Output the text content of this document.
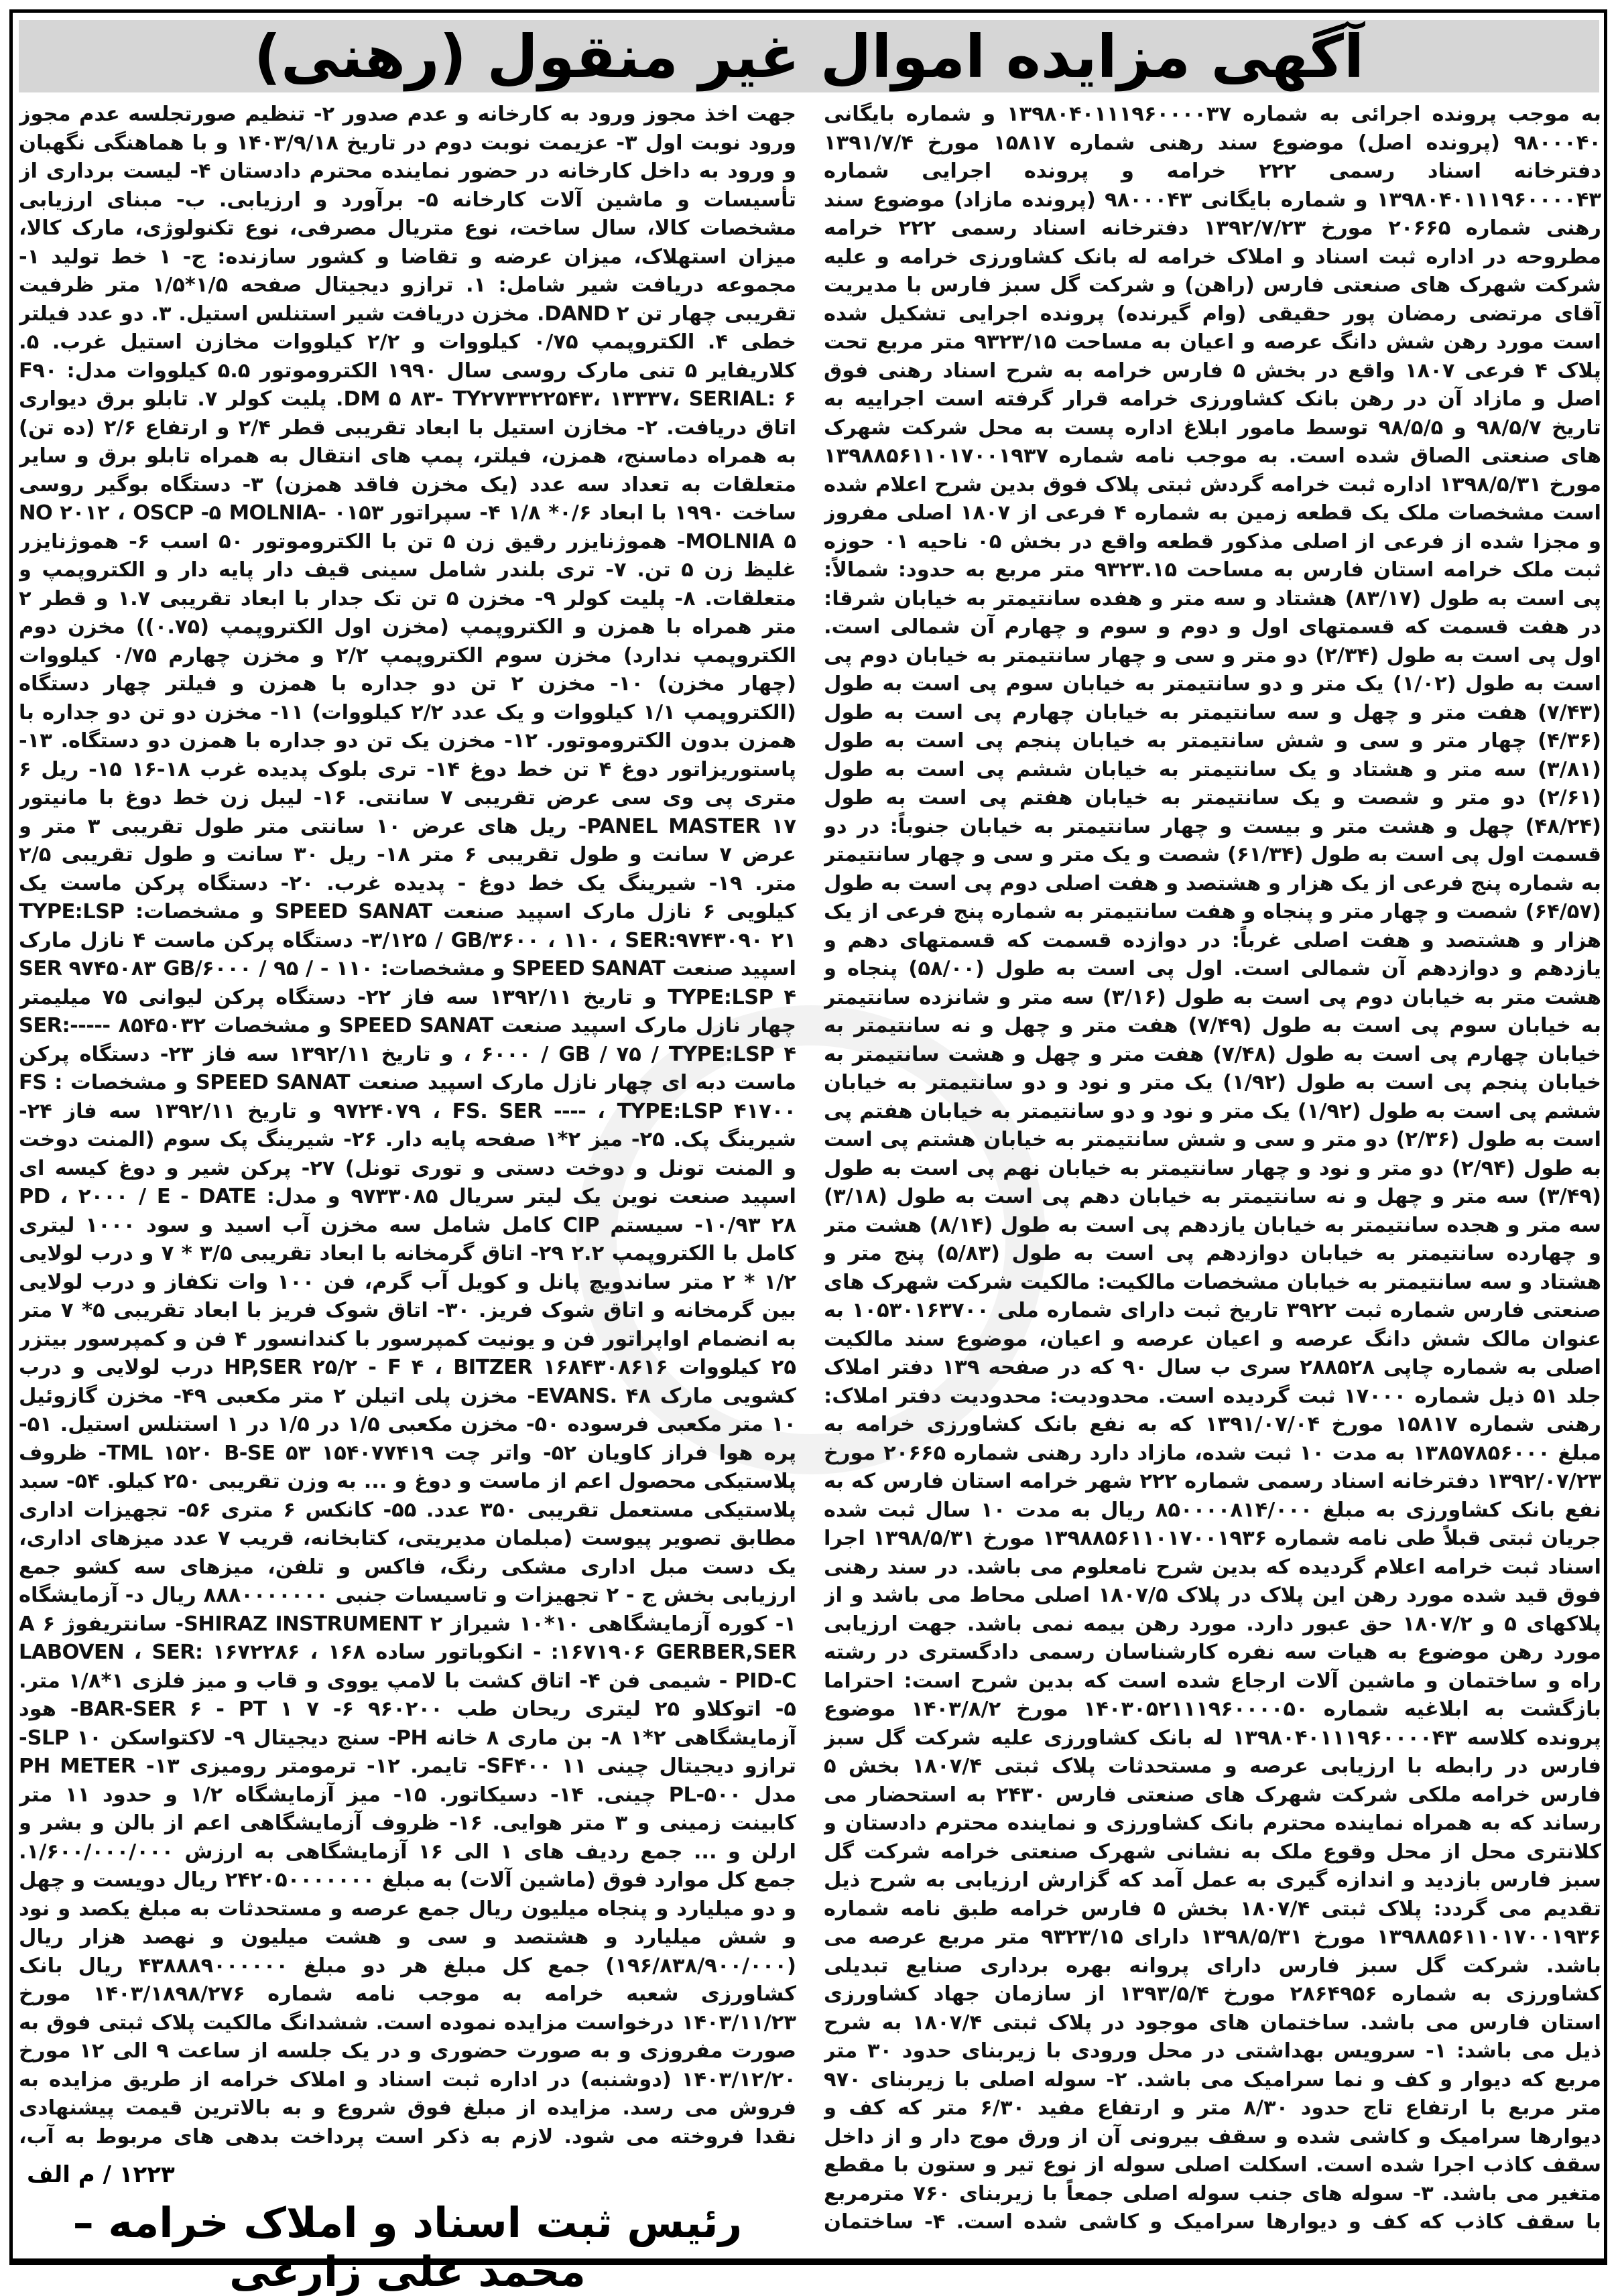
آگهی مزایده اموال غیر منقول (رهنی)
به موجب پرونده اجرائی به شماره ۱۳۹۸۰۴۰۱۱۱۹۶۰۰۰۰۳۷ و شماره بایگانی ۹۸۰۰۰۴۰ (پرونده اصل) موضوع سند رهنی شماره ۱۵۸۱۷ مورخ ۱۳۹۱/۷/۴ دفترخانه اسناد رسمی ۲۲۲ خرامه و پرونده اجرایی شماره ۱۳۹۸۰۴۰۱۱۱۹۶۰۰۰۰۴۳ و شماره بایگانی ۹۸۰۰۰۴۳ (پرونده مازاد) موضوع سند رهنی شماره ۲۰۶۶۵ مورخ ۱۳۹۲/۷/۲۳ دفترخانه اسناد رسمی ۲۲۲ خرامه مطروحه در اداره ثبت اسناد و املاک خرامه له بانک کشاورزی خرامه و علیه شرکت شهرک های صنعتی فارس (راهن) و شرکت گل سبز فارس با مدیریت آقای مرتضی رمضان پور حقیقی (وام گیرنده) پرونده اجرایی تشکیل شده است مورد رهن شش دانگ عرصه و اعیان به مساحت ۹۳۲۳/۱۵ متر مربع تحت پلاک ۴ فرعی ۱۸۰۷ واقع در بخش ۵ فارس خرامه به شرح اسناد رهنی فوق اصل و مازاد آن در رهن بانک کشاورزی خرامه قرار گرفته است اجراییه به تاریخ ۹۸/۵/۷ و ۹۸/۵/۵ توسط مامور ابلاغ اداره پست به محل شرکت شهرک های صنعتی الصاق شده است. به موجب نامه شماره ۱۳۹۸۸۵۶۱۱۰۱۷۰۰۱۹۳۷ مورخ ۱۳۹۸/۵/۳۱ اداره ثبت خرامه گردش ثبتی پلاک فوق بدین شرح اعلام شده است مشخصات ملک یک قطعه زمین به شماره ۴ فرعی از ۱۸۰۷ اصلی مفروز و مجزا شده از فرعی از اصلی مذکور قطعه واقع در بخش ۰۵ ناحیه ۰۱ حوزه ثبت ملک خرامه استان فارس به مساحت ۹۳۲۳.۱۵ متر مربع به حدود: شمالاً: پی است به طول (۸۳/۱۷) هشتاد و سه متر و هفده سانتیمتر به خیابان شرقا: در هفت قسمت که قسمتهای اول و دوم و سوم و چهارم آن شمالی است. اول پی است به طول (۲/۳۴) دو متر و سی و چهار سانتیمتر به خیابان دوم پی است به طول (۱/۰۲) یک متر و دو سانتیمتر به خیابان سوم پی است به طول (۷/۴۳) هفت متر و چهل و سه سانتیمتر به خیابان چهارم پی است به طول (۴/۳۶) چهار متر و سی و شش سانتیمتر به خیابان پنجم پی است به طول (۳/۸۱) سه متر و هشتاد و یک سانتیمتر به خیابان ششم پی است به طول (۲/۶۱) دو متر و شصت و یک سانتیمتر به خیابان هفتم پی است به طول (۴۸/۲۴) چهل و هشت متر و بیست و چهار سانتیمتر به خیابان جنوباً: در دو قسمت اول پی است به طول (۶۱/۳۴) شصت و یک متر و سی و چهار سانتیمتر به شماره پنج فرعی از یک هزار و هشتصد و هفت اصلی دوم پی است به طول (۶۴/۵۷) شصت و چهار متر و پنجاه و هفت سانتیمتر به شماره پنج فرعی از یک هزار و هشتصد و هفت اصلی غرباً: در دوازده قسمت که قسمتهای دهم و یازدهم و دوازدهم آن شمالی است. اول پی است به طول (۵۸/۰۰) پنجاه و هشت متر به خیابان دوم پی است به طول (۳/۱۶) سه متر و شانزده سانتیمتر به خیابان سوم پی است به طول (۷/۴۹) هفت متر و چهل و نه سانتیمتر به خیابان چهارم پی است به طول (۷/۴۸) هفت متر و چهل و هشت سانتیمتر به خیابان پنجم پی است به طول (۱/۹۲) یک متر و نود و دو سانتیمتر به خیابان ششم پی است به طول (۱/۹۲) یک متر و نود و دو سانتیمتر به خیابان هفتم پی است به طول (۲/۳۶) دو متر و سی و شش سانتیمتر به خیابان هشتم پی است به طول (۲/۹۴) دو متر و نود و چهار سانتیمتر به خیابان نهم پی است به طول (۳/۴۹) سه متر و چهل و نه سانتیمتر به خیابان دهم پی است به طول (۳/۱۸) سه متر و هجده سانتیمتر به خیابان یازدهم پی است به طول (۸/۱۴) هشت متر و چهارده سانتیمتر به خیابان دوازدهم پی است به طول (۵/۸۳) پنج متر و هشتاد و سه سانتیمتر به خیابان مشخصات مالکیت: مالکیت شرکت شهرک های صنعتی فارس شماره ثبت ۳۹۲۲ تاریخ ثبت دارای شماره ملی ۱۰۵۳۰۱۶۳۷۰۰ به عنوان مالک شش دانگ عرصه و اعیان عرصه و اعیان، موضوع سند مالکیت اصلی به شماره چاپی ۲۸۸۵۲۸ سری ب سال ۹۰ که در صفحه ۱۳۹ دفتر املاک جلد ۵۱ ذیل شماره ۱۷۰۰۰ ثبت گردیده است. محدودیت: محدودیت دفتر املاک: رهنی شماره ۱۵۸۱۷ مورخ ۱۳۹۱/۰۷/۰۴ که به نفع بانک کشاورزی خرامه به مبلغ ۱۳۸۵۷۸۵۶۰۰۰ به مدت ۱۰ ثبت شده، مازاد دارد رهنی شماره ۲۰۶۶۵ مورخ ۱۳۹۲/۰۷/۲۳ دفترخانه اسناد رسمی شماره ۲۲۲ شهر خرامه استان فارس که به نفع بانک کشاورزی به مبلغ ۸۵۰۰۰۰۸۱۴/۰۰۰ ریال به مدت ۱۰ سال ثبت شده جریان ثبتی قبلاً طی نامه شماره ۱۳۹۸۸۵۶۱۱۰۱۷۰۰۱۹۳۶ مورخ ۱۳۹۸/۵/۳۱ اجرا اسناد ثبت خرامه اعلام گردیده که بدین شرح نامعلوم می باشد. در سند رهنی فوق قید شده مورد رهن این پلاک در پلاک ۱۸۰۷/۵ اصلی محاط می باشد و از پلاکهای ۵ و ۱۸۰۷/۲ حق عبور دارد. مورد رهن بیمه نمی باشد. جهت ارزیابی مورد رهن موضوع به هیات سه نفره کارشناسان رسمی دادگستری در رشته راه و ساختمان و ماشین آلات ارجاع شده است که بدین شرح است: احتراما بازگشت به ابلاغیه شماره ۱۴۰۳۰۵۲۱۱۱۹۶۰۰۰۰۵۰ مورخ ۱۴۰۳/۸/۲ موضوع پرونده کلاسه ۱۳۹۸۰۴۰۱۱۱۹۶۰۰۰۰۴۳ له بانک کشاورزی علیه شرکت گل سبز فارس در رابطه با ارزیابی عرصه و مستحدثات پلاک ثبتی ۱۸۰۷/۴ بخش ۵ فارس خرامه ملکی شرکت شهرک های صنعتی فارس ۲۴۳۰ به استحضار می رساند که به همراه نماینده محترم بانک کشاورزی و نماینده محترم دادستان و کلانتری محل از محل وقوع ملک به نشانی شهرک صنعتی خرامه شرکت گل سبز فارس بازدید و اندازه گیری به عمل آمد که گزارش ارزیابی به شرح ذیل تقدیم می گردد: پلاک ثبتی ۱۸۰۷/۴ بخش ۵ فارس خرامه طبق نامه شماره ۱۳۹۸۸۵۶۱۱۰۱۷۰۰۱۹۳۶ مورخ ۱۳۹۸/۵/۳۱ دارای ۹۳۲۳/۱۵ متر مربع عرصه می باشد. شرکت گل سبز فارس دارای پروانه بهره برداری صنایع تبدیلی کشاورزی به شماره ۲۸۶۴۹۵۶ مورخ ۱۳۹۳/۵/۴ از سازمان جهاد کشاورزی استان فارس می باشد. ساختمان های موجود در پلاک ثبتی ۱۸۰۷/۴ به شرح ذیل می باشد: ۱- سرویس بهداشتی در محل ورودی با زیربنای حدود ۳۰ متر مربع که دیوار و کف و نما سرامیک می باشد. ۲- سوله اصلی با زیربنای ۹۷۰ متر مربع با ارتفاع تاج حدود ۸/۳۰ متر و ارتفاع مفید ۶/۳۰ متر که کف و دیوارها سرامیک و کاشی شده و سقف بیرونی آن از ورق موج دار و از داخل سقف کاذب اجرا شده است. اسکلت اصلی سوله از نوع تیر و ستون با مقطع متغیر می باشد. ۳- سوله های جنب سوله اصلی جمعاً با زیربنای ۷۶۰ مترمربع با سقف کاذب که کف و دیوارها سرامیک و کاشی شده است. ۴- ساختمان
جهت اخذ مجوز ورود به کارخانه و عدم صدور ۲- تنظیم صورتجلسه عدم مجوز ورود نوبت اول ۳- عزیمت نوبت دوم در تاریخ ۱۴۰۳/۹/۱۸ و با هماهنگی نگهبان و ورود به داخل کارخانه در حضور نماینده محترم دادستان ۴- لیست برداری از تأسیسات و ماشین آلات کارخانه ۵- برآورد و ارزیابی. ب- مبنای ارزیابی مشخصات کالا، سال ساخت، نوع متریال مصرفی، نوع تکنولوژی، مارک کالا، میزان استهلاک، میزان عرضه و تقاضا و کشور سازنده: ج- ۱ خط تولید ۱- مجموعه دریافت شیر شامل: ۱. ترازو دیجیتال صفحه ۱/۵*۱/۵ متر ظرفیت تقریبی چهار تن DAND ۲. مخزن دریافت شیر استنلس استیل. ۳. دو عدد فیلتر خطی ۴. الکتروپمپ ۰/۷۵ کیلووات و ۲/۲ کیلووات مخازن استیل غرب. ۵. کلاریفایر ۵ تنی مارک روسی سال ۱۹۹۰ الکتروموتور ۵.۵ کیلووات مدل: F۹۰ DM ۵ ۸۳- TY۲۷۳۳۲۲۵۴۳، ۱۳۳۳۷، SERIAL: ۶. پلیت کولر ۷. تابلو برق دیواری اتاق دریافت. ۲- مخازن استیل با ابعاد تقریبی قطر ۲/۴ و ارتفاع ۲/۶ (ده تن) به همراه دماسنج، همزن، فیلتر، پمپ های انتقال به همراه تابلو برق و سایر متعلقات به تعداد سه عدد (یک مخزن فاقد همزن) ۳- دستگاه بوگیر روسی ساخت ۱۹۹۰ با ابعاد ۰/۶* ۱/۸ ۴- سپراتور ۰۱۵۳ NO ۲۰۱۲ ، OSCP -۵ MOLNIA-MOLNIA ۵- هموژنایزر رقیق زن ۵ تن با الکتروموتور ۵۰ اسب ۶- هموژنایزر غلیظ زن ۵ تن. ۷- تری بلندر شامل سینی قیف دار پایه دار و الکتروپمپ و متعلقات. ۸- پلیت کولر ۹- مخزن ۵ تن تک جدار با ابعاد تقریبی ۱.۷ و قطر ۲ متر همراه با همزن و الکتروپمپ (مخزن اول الکتروپمپ (۰.۷۵)) مخزن دوم الکتروپمپ ندارد) مخزن سوم الکتروپمپ ۲/۲ و مخزن چهارم ۰/۷۵ کیلووات (چهار مخزن) ۱۰- مخزن ۲ تن دو جداره با همزن و فیلتر چهار دستگاه (الکتروپمپ ۱/۱ کیلووات و یک عدد ۲/۲ کیلووات) ۱۱- مخزن دو تن دو جداره با همزن بدون الکتروموتور. ۱۲- مخزن یک تن دو جداره با همزن دو دستگاه. ۱۳- پاستوریزاتور دوغ ۴ تن خط دوغ ۱۴- تری بلوک پدیده غرب ۱۸-۱۶ ۱۵- ریل ۶ متری پی وی سی عرض تقریبی ۷ سانتی. ۱۶- لیبل زن خط دوغ با مانیتور PANEL MASTER ۱۷- ریل های عرض ۱۰ سانتی متر طول تقریبی ۳ متر و عرض ۷ سانت و طول تقریبی ۶ متر ۱۸- ریل ۳۰ سانت و طول تقریبی ۲/۵ متر. ۱۹- شیرینگ یک خط دوغ - پدیده غرب. ۲۰- دستگاه پرکن ماست یک کیلویی ۶ نازل مارک اسپید صنعت SPEED SANAT و مشخصات: TYPE:LSP ۳/۱۲۵ / GB/۳۶۰۰ ، ۱۱۰ ، SER:۹۷۴۳۰۹۰ ۲۱- دستگاه پرکن ماست ۴ نازل مارک اسپید صنعت SPEED SANAT و مشخصات: ۱۱۰ - SER ۹۷۴۵۰۸۳ GB/۶۰۰۰ / ۹۵ / TYPE:LSP ۴ و تاریخ ۱۳۹۲/۱۱ سه فاز ۲۲- دستگاه پرکن لیوانی ۷۵ میلیمتر چهار نازل مارک اسپید صنعت SPEED SANAT و مشخصات ۸۵۴۵۰۳۲ SER:----- ، ۶۰۰۰ / GB / ۷۵ / TYPE:LSP ۴ و تاریخ ۱۳۹۲/۱۱ سه فاز ۲۳- دستگاه پرکن ماست دبه ای چهار نازل مارک اسپید صنعت SPEED SANAT و مشخصات FS : ۹۷۲۴۰۷۹ ، FS. SER ---- ، TYPE:LSP ۴۱۷۰۰ و تاریخ ۱۳۹۲/۱۱ سه فاز ۲۴- شیرینگ پک. ۲۵- میز ۲*۱ صفحه پایه دار. ۲۶- شیرینگ پک سوم (المنت دوخت و المنت تونل و دوخت دستی و توری تونل) ۲۷- پرکن شیر و دوغ کیسه ای اسپید صنعت نوین یک لیتر سریال ۹۷۳۳۰۸۵ و مدل: PD ، ۲۰۰۰ / E - DATE ۱۰/۹۳ ۲۸- سیستم CIP کامل شامل سه مخزن آب اسید و سود ۱۰۰۰ لیتری کامل با الکتروپمپ ۲.۲ ۲۹- اتاق گرمخانه با ابعاد تقریبی ۳/۵ * ۷ و درب لولایی ۱/۲ * ۲ متر ساندویچ پانل و کویل آب گرم، فن ۱۰۰ وات تکفاز و درب لولایی بین گرمخانه و اتاق شوک فریز. ۳۰- اتاق شوک فریز با ابعاد تقریبی ۵* ۷ متر به انضمام اواپراتور فن و یونیت کمپرسور با کندانسور ۴ فن و کمپرسور بیتزر ۲۵ کیلووات ۱۶۸۴۳۰۸۶۱۶ HP,SER ۲۵/۲ - F ۴ ، BITZER درب لولایی و درب کشویی مارک EVANS. ۴۸- مخزن پلی اتیلن ۲ متر مکعبی ۴۹- مخزن گازوئیل ۱۰ متر مکعبی فرسوده ۵۰- مخزن مکعبی ۱/۵ در ۱/۵ در ۱ استنلس استیل. ۵۱- پره هوا فراز کاویان ۵۲- واتر چت ۱۵۴۰۷۷۴۱۹ TML ۱۵۲۰ B-SE ۵۳- ظروف پلاستیکی محصول اعم از ماست و دوغ و ... به وزن تقریبی ۲۵۰ کیلو. ۵۴- سبد پلاستیکی مستعمل تقریبی ۳۵۰ عدد. ۵۵- کانکس ۶ متری ۵۶- تجهیزات اداری مطابق تصویر پیوست (مبلمان مدیریتی، کتابخانه، قریب ۷ عدد میزهای اداری، یک دست مبل اداری مشکی رنگ، فاکس و تلفن، میزهای سه کشو جمع ارزیابی بخش ج - ۲ تجهیزات و تاسیسات جنبی ۸۸۸۰۰۰۰۰۰۰ ریال د- آزمایشگاه ۱- کوره آزمایشگاهی ۱۰*۱۰ شیراز SHIRAZ INSTRUMENT ۲- سانتریفوژ ۶ A ۱۶۷۱۹۰۶ GERBER,SER: - انکوباتور ساده LABOVEN ، SER: ۱۶۷۲۲۸۶ ، ۱۶۸ PID-C - شیمی فن ۴- اتاق کشت با لامپ یووی و قاب و میز فلزی ۱*۱/۸ متر. ۵- اتوکلاو ۲۵ لیتری ریحان طب ۹۶۰۲۰۰ ۶- BAR-SER ۶ - PT ۱ ۷- هود آزمایشگاهی ۲*۱ ۸- بن ماری ۸ خانه PH- سنج دیجیتال ۹- لاکتواسکن SLP ۱۰- ترازو دیجیتال چینی SF۴۰۰ ۱۱- تایمر. ۱۲- ترمومتر رومیزی ۱۳- PH METER مدل PL-۵۰۰ چینی. ۱۴- دسیکاتور. ۱۵- میز آزمایشگاه ۱/۲ و حدود ۱۱ متر کابینت زمینی و ۳ متر هوایی. ۱۶- ظروف آزمایشگاهی اعم از بالن و بشر و ارلن و ... جمع ردیف های ۱ الی ۱۶ آزمایشگاهی به ارزش ۱/۶۰۰/۰۰۰/۰۰۰. جمع کل موارد فوق (ماشین آلات) به مبلغ ۲۴۲۰۵۰۰۰۰۰۰۰ ریال دویست و چهل و دو میلیارد و پنجاه میلیون ریال جمع عرصه و مستحدثات به مبلغ یکصد و نود و شش میلیارد و هشتصد و سی و هشت میلیون و نهصد هزار ریال (۱۹۶/۸۳۸/۹۰۰/۰۰۰) جمع کل مبلغ هر دو مبلغ ۴۳۸۸۸۹۰۰۰۰۰۰ ریال بانک کشاورزی شعبه خرامه به موجب نامه شماره ۱۴۰۳/۱۸۹۸/۲۷۶ مورخ ۱۴۰۳/۱۱/۲۳ درخواست مزایده نموده است. ششدانگ مالکیت پلاک ثبتی فوق به صورت مفروزی و به صورت حضوری و در یک جلسه از ساعت ۹ الی ۱۲ مورخ ۱۴۰۳/۱۲/۲۰ (دوشنبه) در اداره ثبت اسناد و املاک خرامه از طریق مزایده به فروش می رسد. مزایده از مبلغ فوق شروع و به بالاترین قیمت پیشنهادی نقدا فروخته می شود. لازم به ذکر است پرداخت بدهی های مربوط به آب،
۱۲۲۳ / م الف
رئیس ثبت اسناد و املاک خرامه – محمد علی زارعی
